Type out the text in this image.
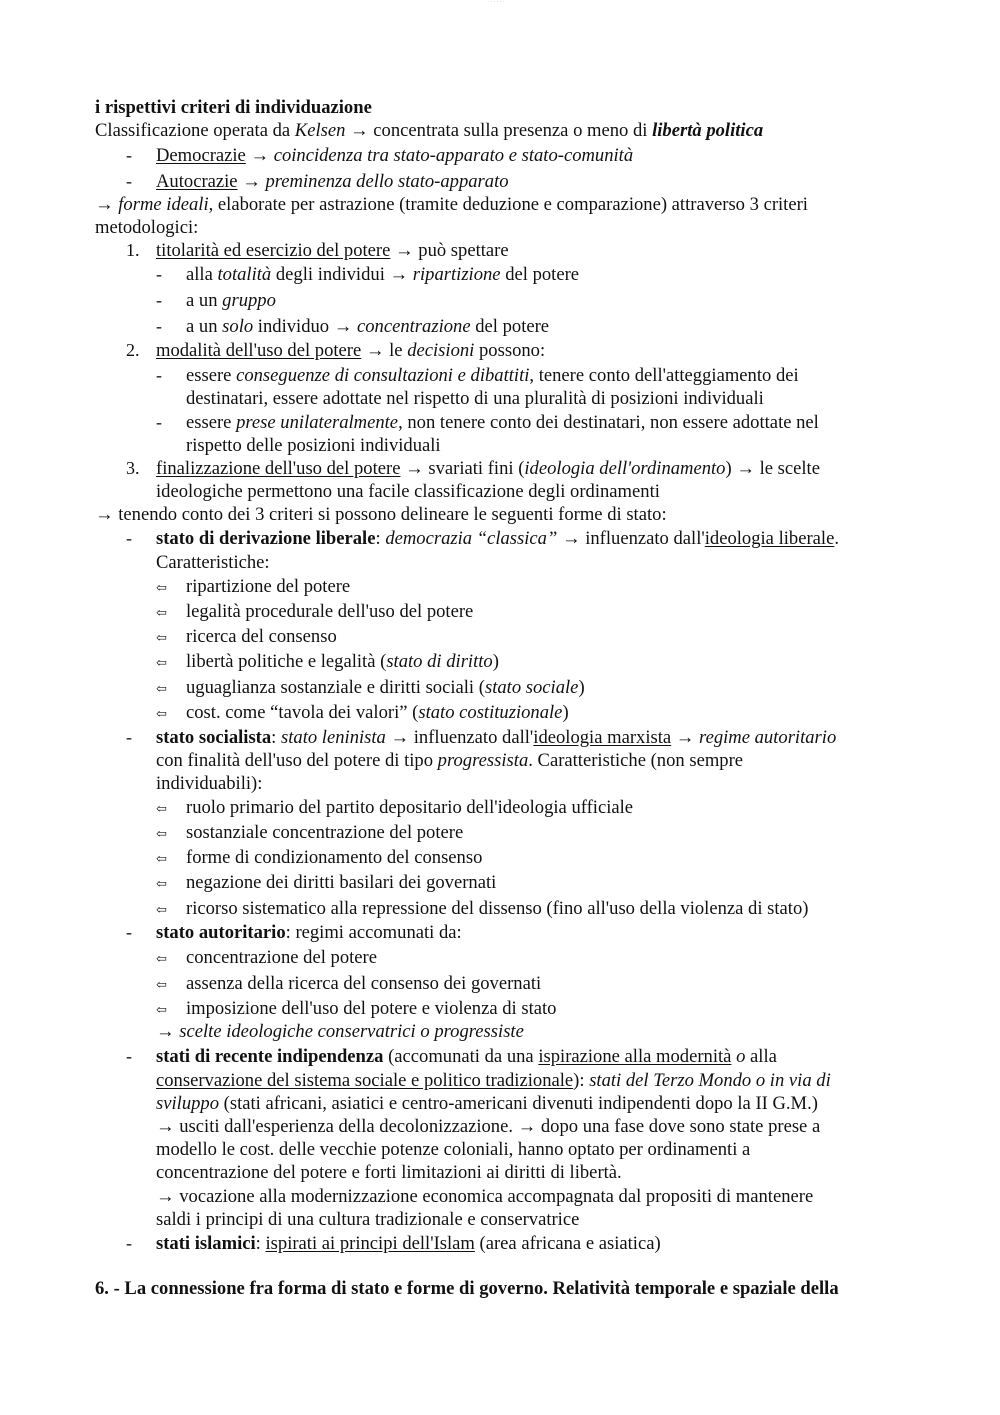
· · · · · ·
i rispettivi criteri di individuazione
Classificazione operata da Kelsen → concentrata sulla presenza o meno di libertà politica
- Democrazie → coincidenza tra stato-apparato e stato-comunità
- Autocrazie → preminenza dello stato-apparato
→ forme ideali, elaborate per astrazione (tramite deduzione e comparazione) attraverso 3 criteri
metodologici:
1. titolarità ed esercizio del potere → può spettare
- alla totalità degli individui → ripartizione del potere
- a un gruppo
- a un solo individuo → concentrazione del potere
2. modalità dell'uso del potere → le decisioni possono:
- essere conseguenze di consultazioni e dibattiti, tenere conto dell'atteggiamento dei
destinatari, essere adottate nel rispetto di una pluralità di posizioni individuali
- essere prese unilateralmente, non tenere conto dei destinatari, non essere adottate nel
rispetto delle posizioni individuali
3. finalizzazione dell'uso del potere → svariati fini (ideologia dell'ordinamento) → le scelte
ideologiche permettono una facile classificazione degli ordinamenti
→ tenendo conto dei 3 criteri si possono delineare le seguenti forme di stato:
- stato di derivazione liberale: democrazia “classica” → influenzato dall'ideologia liberale.
Caratteristiche:
⇦ ripartizione del potere
⇦ legalità procedurale dell'uso del potere
⇦ ricerca del consenso
⇦ libertà politiche e legalità (stato di diritto)
⇦ uguaglianza sostanziale e diritti sociali (stato sociale)
⇦ cost. come “tavola dei valori” (stato costituzionale)
- stato socialista: stato leninista → influenzato dall'ideologia marxista → regime autoritario
con finalità dell'uso del potere di tipo progressista. Caratteristiche (non sempre
individuabili):
⇦ ruolo primario del partito depositario dell'ideologia ufficiale
⇦ sostanziale concentrazione del potere
⇦ forme di condizionamento del consenso
⇦ negazione dei diritti basilari dei governati
⇦ ricorso sistematico alla repressione del dissenso (fino all'uso della violenza di stato)
- stato autoritario: regimi accomunati da:
⇦ concentrazione del potere
⇦ assenza della ricerca del consenso dei governati
⇦ imposizione dell'uso del potere e violenza di stato
→ scelte ideologiche conservatrici o progressiste
- stati di recente indipendenza (accomunati da una ispirazione alla modernità o alla
conservazione del sistema sociale e politico tradizionale): stati del Terzo Mondo o in via di
sviluppo (stati africani, asiatici e centro-americani divenuti indipendenti dopo la II G.M.)
→ usciti dall'esperienza della decolonizzazione. → dopo una fase dove sono state prese a
modello le cost. delle vecchie potenze coloniali, hanno optato per ordinamenti a
concentrazione del potere e forti limitazioni ai diritti di libertà.
→ vocazione alla modernizzazione economica accompagnata dal propositi di mantenere
saldi i principi di una cultura tradizionale e conservatrice
- stati islamici: ispirati ai principi dell'Islam (area africana e asiatica)
6. - La connessione fra forma di stato e forme di governo. Relatività temporale e spaziale della
